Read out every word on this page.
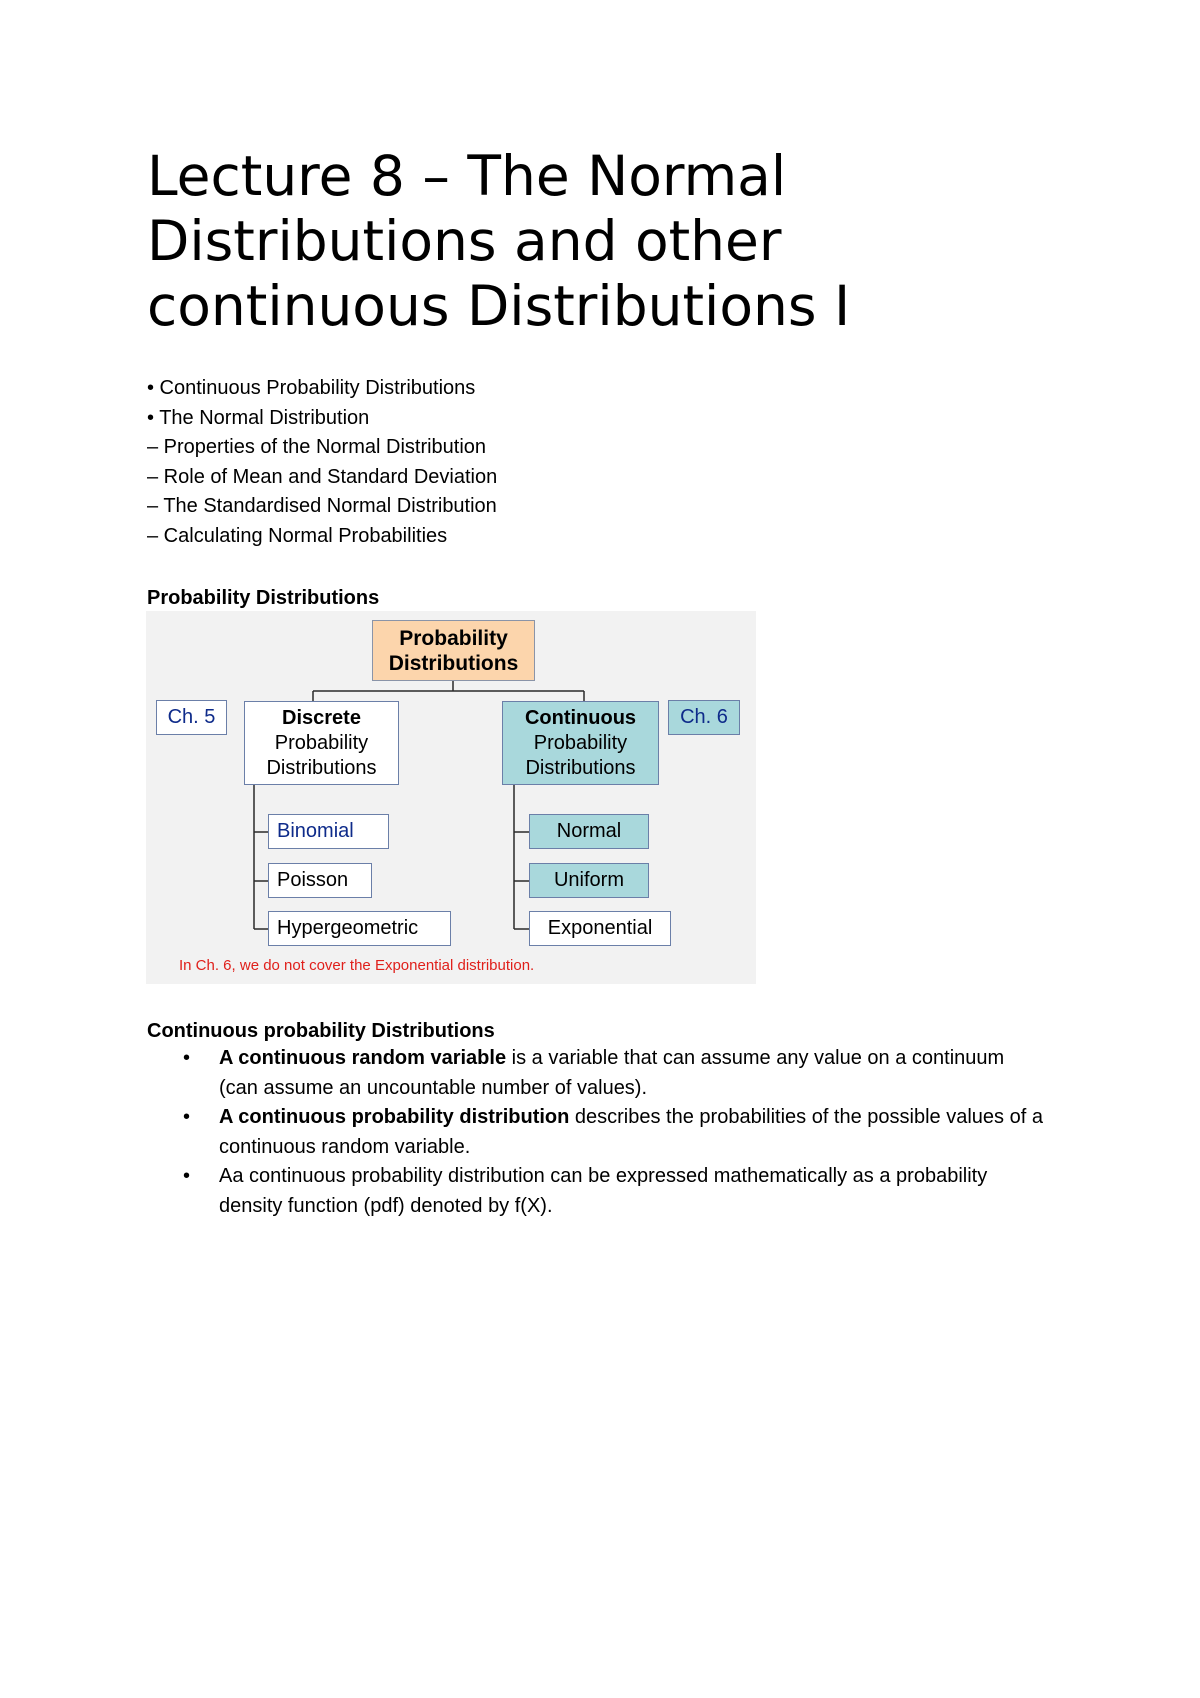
Lecture 8 – The Normal
Distributions and other
continuous Distributions I
• Continuous Probability Distributions
• The Normal Distribution
– Properties of the Normal Distribution
– Role of Mean and Standard Deviation
– The Standardised Normal Distribution
– Calculating Normal Probabilities
Probability Distributions
Probability
Distributions
Ch. 5	Discrete
Probability
Distributions
Continuous
Probability
Distributions
Ch. 6
Binomial
Poisson
Hypergeometric
Normal
Uniform
Exponential
In Ch. 6, we do not cover the Exponential distribution.
Continuous probability Distributions
• A continuous random variable is a variable that can assume any value on a continuum (can assume an uncountable number of values).
• A continuous probability distribution describes the probabilities of the possible values of a continuous random variable.
• Aa continuous probability distribution can be expressed mathematically as a probability density function (pdf) denoted by f(X).
